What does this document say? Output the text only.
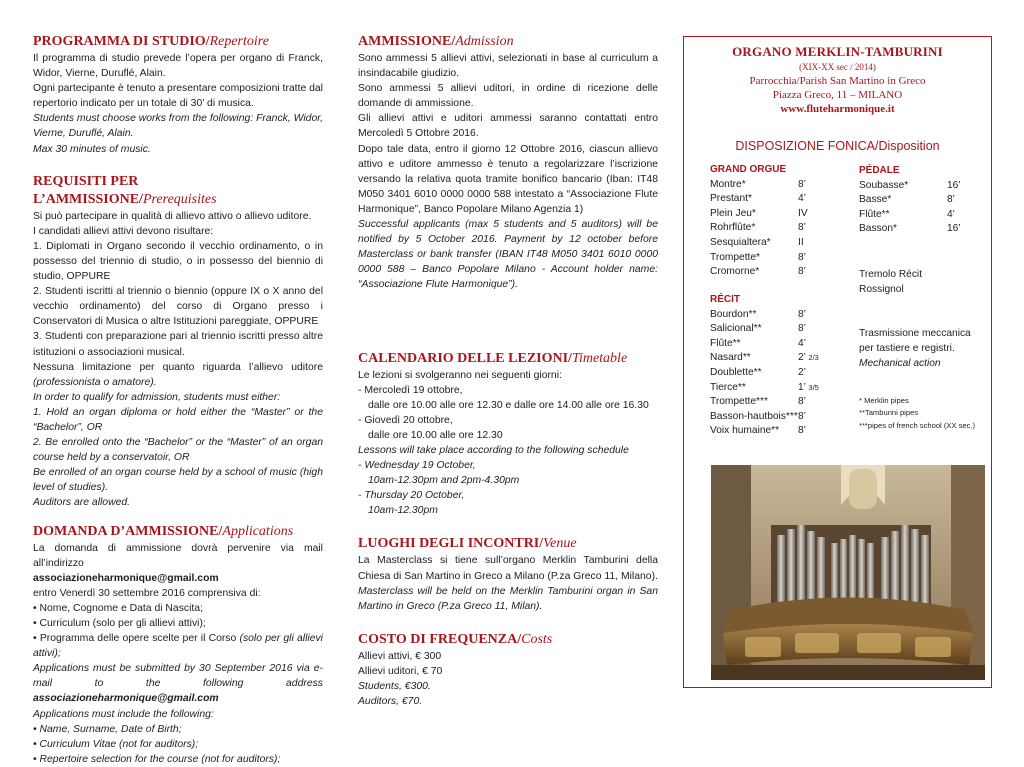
PROGRAMMA DI STUDIO/Repertoire

Il programma di studio prevede l’opera per organo di Franck, Widor, Vierne, Duruflé, Alain.

Ogni partecipante è tenuto a presentare composizioni tratte dal repertorio indicato per un totale di 30’ di musica.

Students must choose works from the following: Franck, Widor, Vierne, Duruflé, Alain.

Max 30 minutes of music.

REQUISITI PER L’AMMISSIONE/Prerequisites

Si può partecipare in qualità di allievo attivo o allievo uditore.

I candidati allievi attivi devono risultare:

1. Diplomati in Organo secondo il vecchio ordinamento, o in possesso del triennio di studio, o in possesso del biennio di studio, OPPURE

2. Studenti iscritti al triennio o biennio (oppure IX o X anno del vecchio ordinamento) del corso di Organo presso i Conservatori di Musica o altre Istituzioni pareggiate, OPPURE

3. Studenti con preparazione pari al triennio iscritti presso altre istituzioni o associazioni musical.

Nessuna limitazione per quanto riguarda l’allievo uditore (professionista o amatore).

In order to qualify for admission, students must either:

1. Hold an organ diploma or hold either the “Master” or the “Bachelor”, OR

2. Be enrolled onto the “Bachelor” or the “Master” of an organ course held by a conservatoir, OR

Be enrolled of an organ course held by a school of music (high level of studies).

Auditors are allowed.

DOMANDA D’AMMISSIONE/Applications

La domanda di ammissione dovrà pervenire via mail all’indirizzo

associazioneharmonique@gmail.com

entro Venerdì 30 settembre 2016 comprensiva di:

• Nome, Cognome e Data di Nascita;

• Curriculum (solo per gli allievi attivi);

• Programma delle opere scelte per il Corso (solo per gli allievi attivi);

Applications must be submitted by 30 September 2016 via e-mail to the following address associazioneharmonique@gmail.com

Applications must include the following:

• Name, Surname, Date of Birth;

• Curriculum Vitae (not for auditors);

• Repertoire selection for the course (not for auditors);

AMMISSIONE/Admission

Sono ammessi 5 allievi attivi, selezionati in base al curriculum a insindacabile giudizio.

Sono ammessi 5 allievi uditori, in ordine di ricezione delle domande di ammissione.

Gli allievi attivi e uditori ammessi saranno contattati entro Mercoledì 5 Ottobre 2016.

Dopo tale data, entro il giorno 12 Ottobre 2016, ciascun allievo attivo e uditore ammesso è tenuto a regolarizzare l’iscrizione versando la relativa quota tramite bonifico bancario (Iban: IT48 M050 3401 6010 0000 0000 588 intestato a “Associazione Flute Harmonique”, Banco Popolare Milano Agenzia 1)

Successful applicants (max 5 students and 5 auditors) will be notified by 5 October 2016. Payment by 12 october before Masterclass or bank transfer (IBAN IT48 M050 3401 6010 0000 0000 588 – Banco Popolare Milano - Account holder name: “Associazione Flute Harmonique”).

CALENDARIO DELLE LEZIONI/Timetable

Le lezioni si svolgeranno nei seguenti giorni:

- Mercoledì 19 ottobre,

dalle ore 10.00 alle ore 12.30 e dalle ore 14.00 alle ore 16.30

- Giovedì 20 ottobre,

dalle ore 10.00 alle ore 12.30

Lessons will take place according to the following schedule

- Wednesday 19 October,

10am-12.30pm and 2pm-4.30pm

- Thursday 20 October,

10am-12.30pm

LUOGHI DEGLI INCONTRI/Venue

La Masterclass si tiene sull’organo Merklin Tamburini della Chiesa di San Martino in Greco a Milano (P.za Greco 11, Milano).

Masterclass will be held on the Merklin Tamburini organ in San Martino in Greco (P.za Greco 11, Milan).

COSTO DI FREQUENZA/Costs

Allievi attivi, € 300

Allievi uditori, € 70

Students, €300.

Auditors, €70.

ORGANO MERKLIN-TAMBURINI
(XIX-XX sec / 2014)
Parrocchia/Parish San Martino in Greco
Piazza Greco, 11 – MILANO
www.fluteharmonique.it
DISPOSIZIONE FONICA/Disposition
GRAND ORGUE
Montre*	8’
Prestant*	4’
Plein Jeu*	IV
Rohrflûte*	8’
Sesquialtera*	II
Trompette*	8’
Cromorne*	8’
RÉCIT
Bourdon**	8’
Salicional**	8’
Flûte**	4’
Nasard**	2’ 2/3
Doublette**	2’
Tierce**	1’ 3/5
Trompette***	8’
Basson-hautbois*** 8’
Voix humaine** 8’
PÉDALE
Soubasse*	16’
Basse*	8’
Flûte**	4’
Basson*	16’
Tremolo Récit
Rossignol
Trasmissione meccanica
per tastiere e registri.
Mechanical action
* Merklin pipes
**Tamburini pipes
***pipes of french school (XX sec.)
